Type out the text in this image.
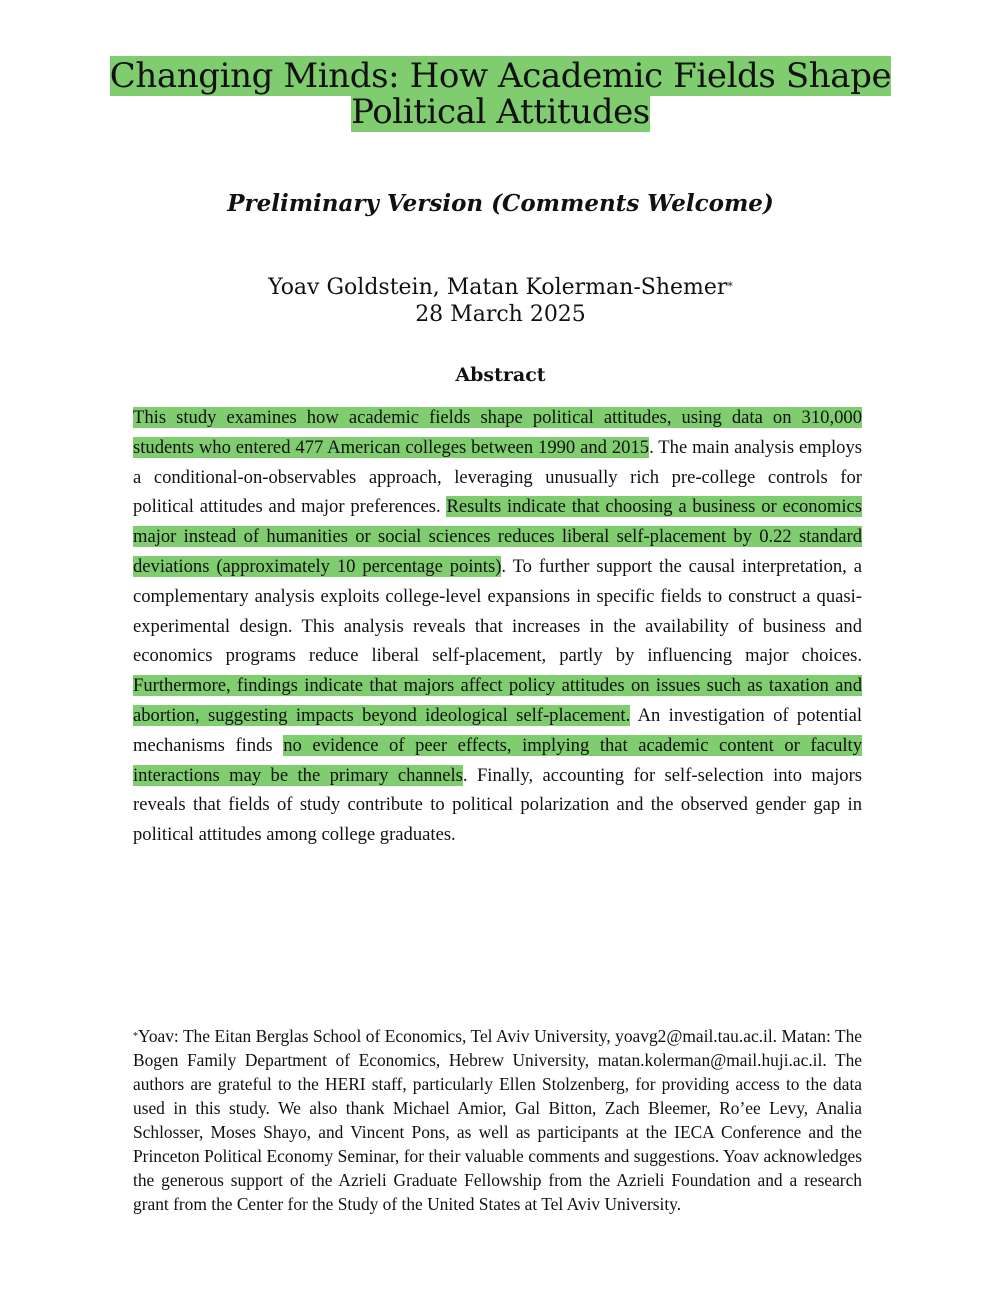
Changing Minds: How Academic Fields Shape Political Attitudes
Preliminary Version (Comments Welcome)
Yoav Goldstein, Matan Kolerman-Shemer*
28 March 2025
Abstract

This study examines how academic fields shape political attitudes, using data on 310,000 students who entered 477 American colleges between 1990 and 2015. The main analysis employs a conditional-on-observables approach, leveraging unusually rich pre-college controls for political attitudes and major preferences. Results indicate that choosing a business or economics major instead of humanities or social sciences reduces liberal self-placement by 0.22 standard deviations (approximately 10 percentage points). To further support the causal interpretation, a complementary analysis exploits college-level expansions in specific fields to construct a quasi-experimental design. This analysis reveals that increases in the availability of business and economics programs reduce liberal self-placement, partly by influencing major choices. Furthermore, findings indicate that majors affect policy attitudes on issues such as taxation and abortion, suggesting impacts beyond ideological self-placement. An investigation of potential mechanisms finds no evidence of peer effects, implying that academic content or faculty interactions may be the primary channels. Finally, accounting for self-selection into majors reveals that fields of study contribute to political polarization and the observed gender gap in political attitudes among college graduates.

*Yoav: The Eitan Berglas School of Economics, Tel Aviv University, yoavg2@mail.tau.ac.il. Matan: The Bogen Family Department of Economics, Hebrew University, matan.kolerman@mail.huji.ac.il. The authors are grateful to the HERI staff, particularly Ellen Stolzenberg, for providing access to the data used in this study. We also thank Michael Amior, Gal Bitton, Zach Bleemer, Ro’ee Levy, Analia Schlosser, Moses Shayo, and Vincent Pons, as well as participants at the IECA Conference and the Princeton Political Economy Seminar, for their valuable comments and suggestions. Yoav acknowledges the generous support of the Azrieli Graduate Fellowship from the Azrieli Foundation and a research grant from the Center for the Study of the United States at Tel Aviv University.
